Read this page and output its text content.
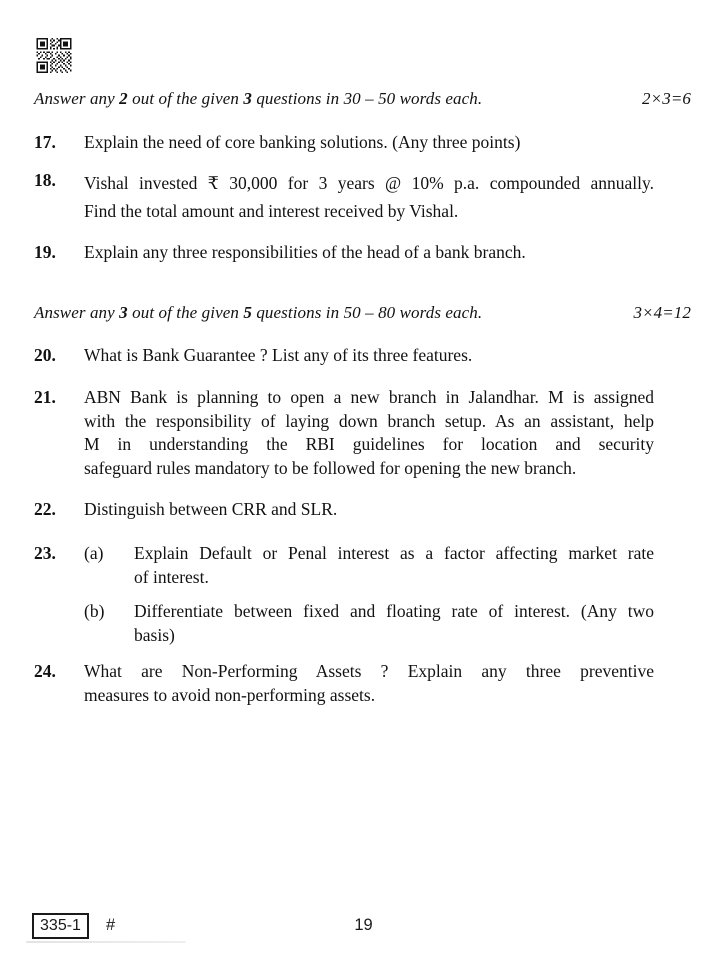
Answer any 2 out of the given 3 questions in 30 – 50 words each.	2×3=6
17. Explain the need of core banking solutions. (Any three points)
18. Vishal invested ₹ 30,000 for 3 years @ 10% p.a. compounded annually.
Find the total amount and interest received by Vishal.
19. Explain any three responsibilities of the head of a bank branch.
Answer any 3 out of the given 5 questions in 50 – 80 words each.	3×4=12
20. What is Bank Guarantee ? List any of its three features.
21. ABN Bank is planning to open a new branch in Jalandhar. M is assigned
with the responsibility of laying down branch setup. As an assistant, help
M in understanding the RBI guidelines for location and security
safeguard rules mandatory to be followed for opening the new branch.
22. Distinguish between CRR and SLR.
23. (a) Explain Default or Penal interest as a factor affecting market rate
of interest.
(b) Differentiate between fixed and floating rate of interest. (Any two
basis)
24. What are Non-Performing Assets ? Explain any three preventive
measures to avoid non-performing assets.
335-1 #	19
